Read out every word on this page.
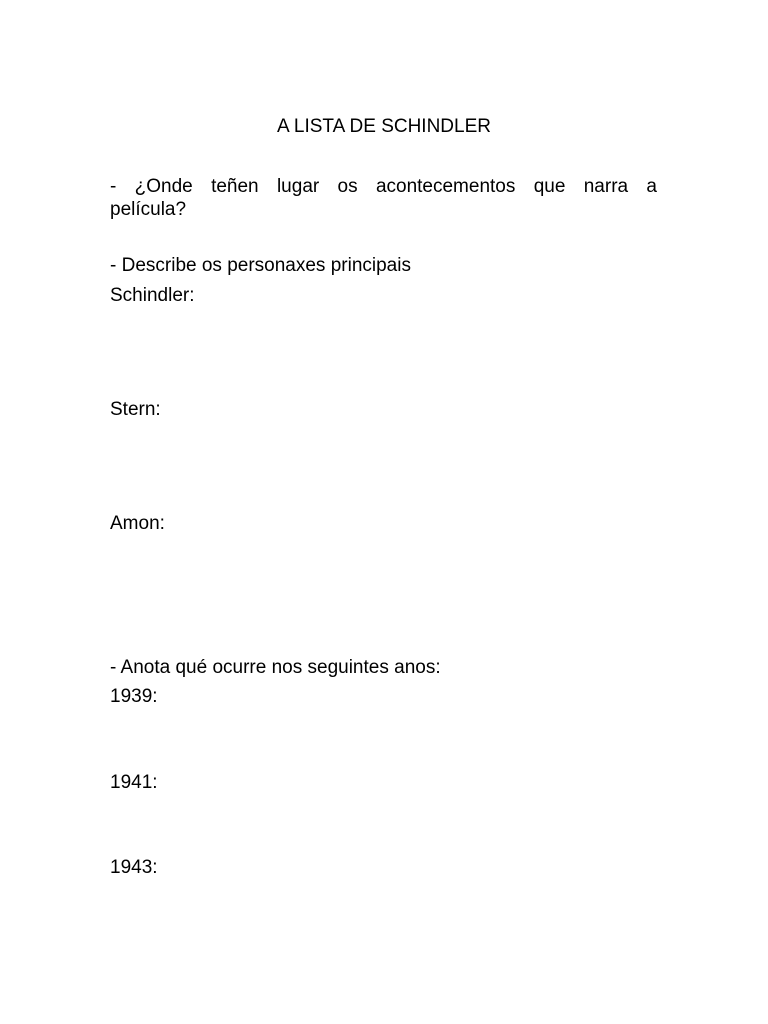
A LISTA DE SCHINDLER

- ¿Onde teñen lugar os acontecementos que narra a
película?

- Describe os personaxes principais

Schindler:

Stern:

Amon:

- Anota qué ocurre nos seguintes anos:

1939:

1941:

1943:
